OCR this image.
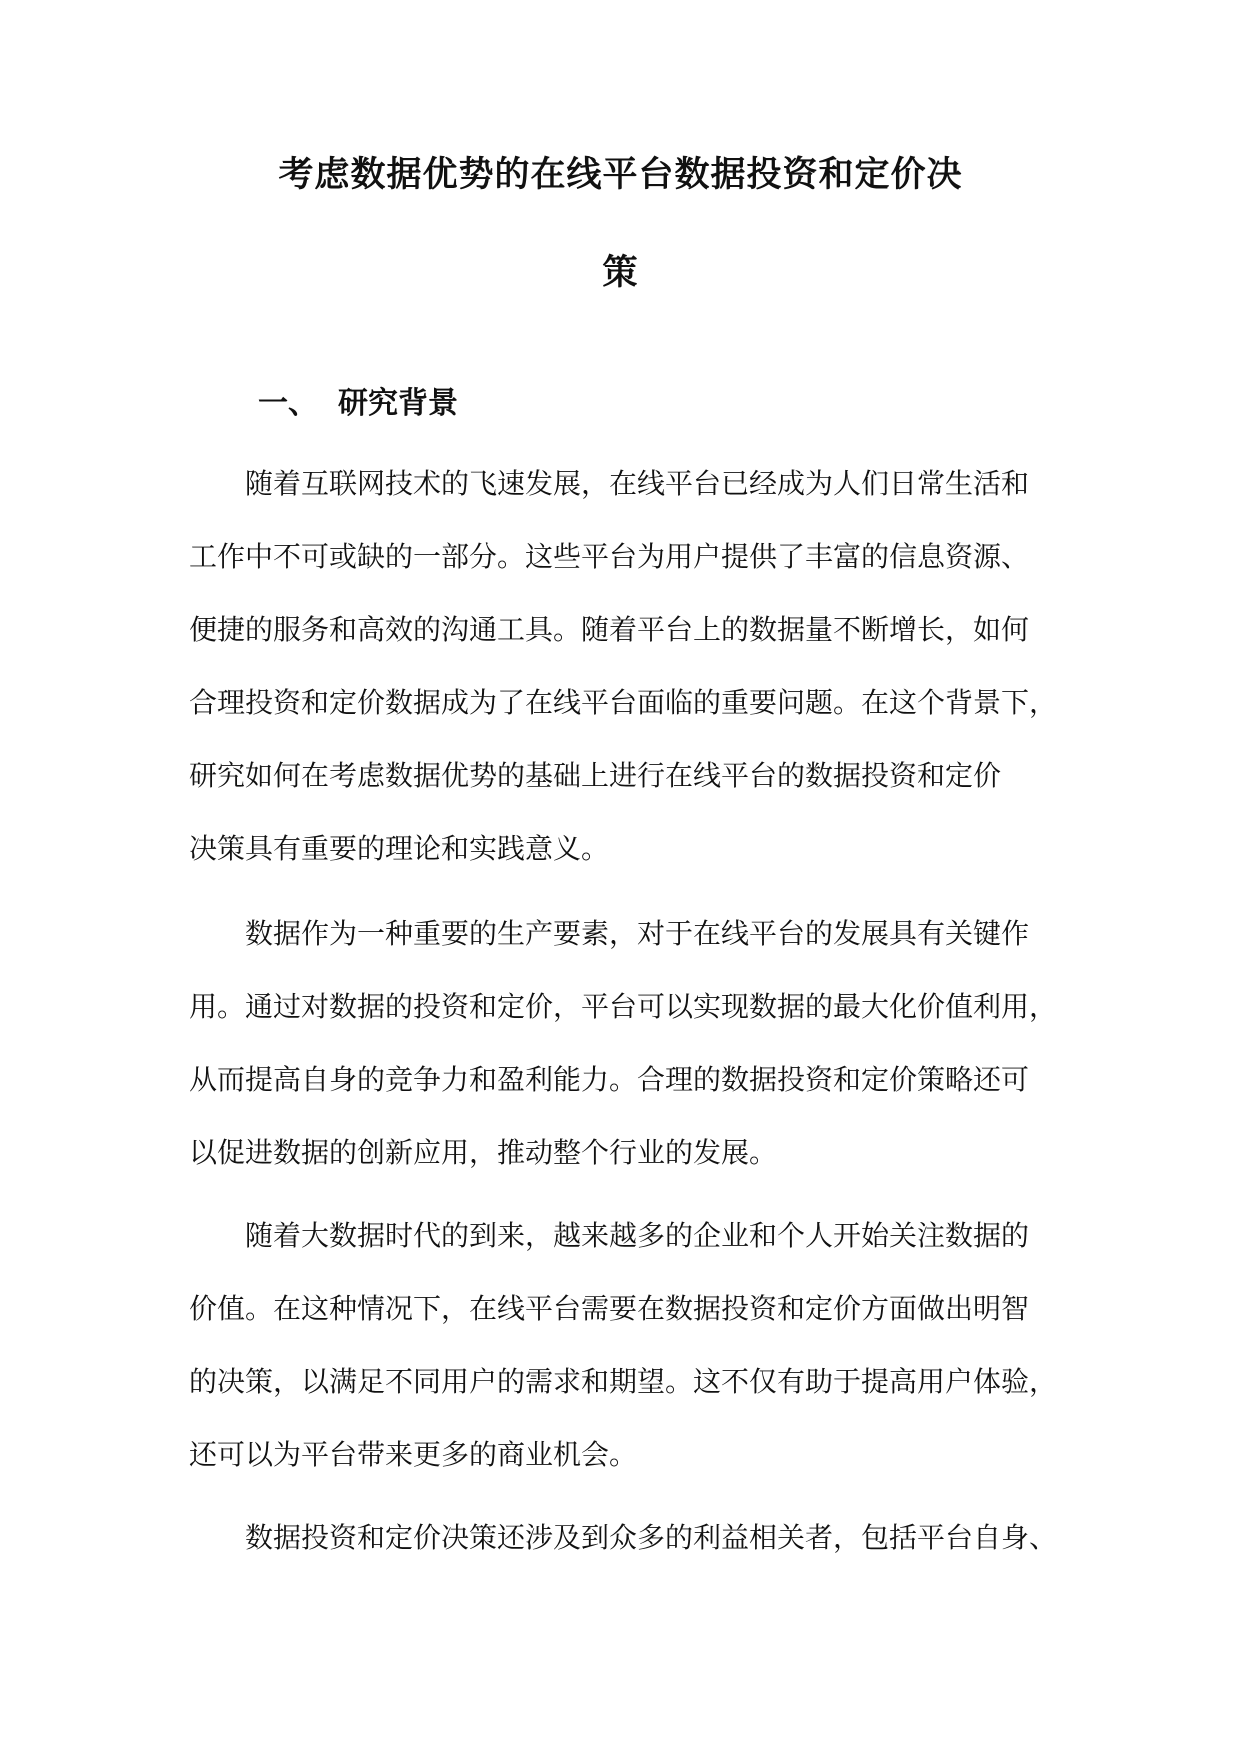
考虑数据优势的在线平台数据投资和定价决
策
一、 研究背景
随着互联网技术的飞速发展，在线平台已经成为人们日常生活和
工作中不可或缺的一部分。这些平台为用户提供了丰富的信息资源、
便捷的服务和高效的沟通工具。随着平台上的数据量不断增长，如何
合理投资和定价数据成为了在线平台面临的重要问题。在这个背景下，
研究如何在考虑数据优势的基础上进行在线平台的数据投资和定价
决策具有重要的理论和实践意义。
数据作为一种重要的生产要素，对于在线平台的发展具有关键作
用。通过对数据的投资和定价，平台可以实现数据的最大化价值利用，
从而提高自身的竞争力和盈利能力。合理的数据投资和定价策略还可
以促进数据的创新应用，推动整个行业的发展。
随着大数据时代的到来，越来越多的企业和个人开始关注数据的
价值。在这种情况下，在线平台需要在数据投资和定价方面做出明智
的决策，以满足不同用户的需求和期望。这不仅有助于提高用户体验，
还可以为平台带来更多的商业机会。
数据投资和定价决策还涉及到众多的利益相关者，包括平台自身、
